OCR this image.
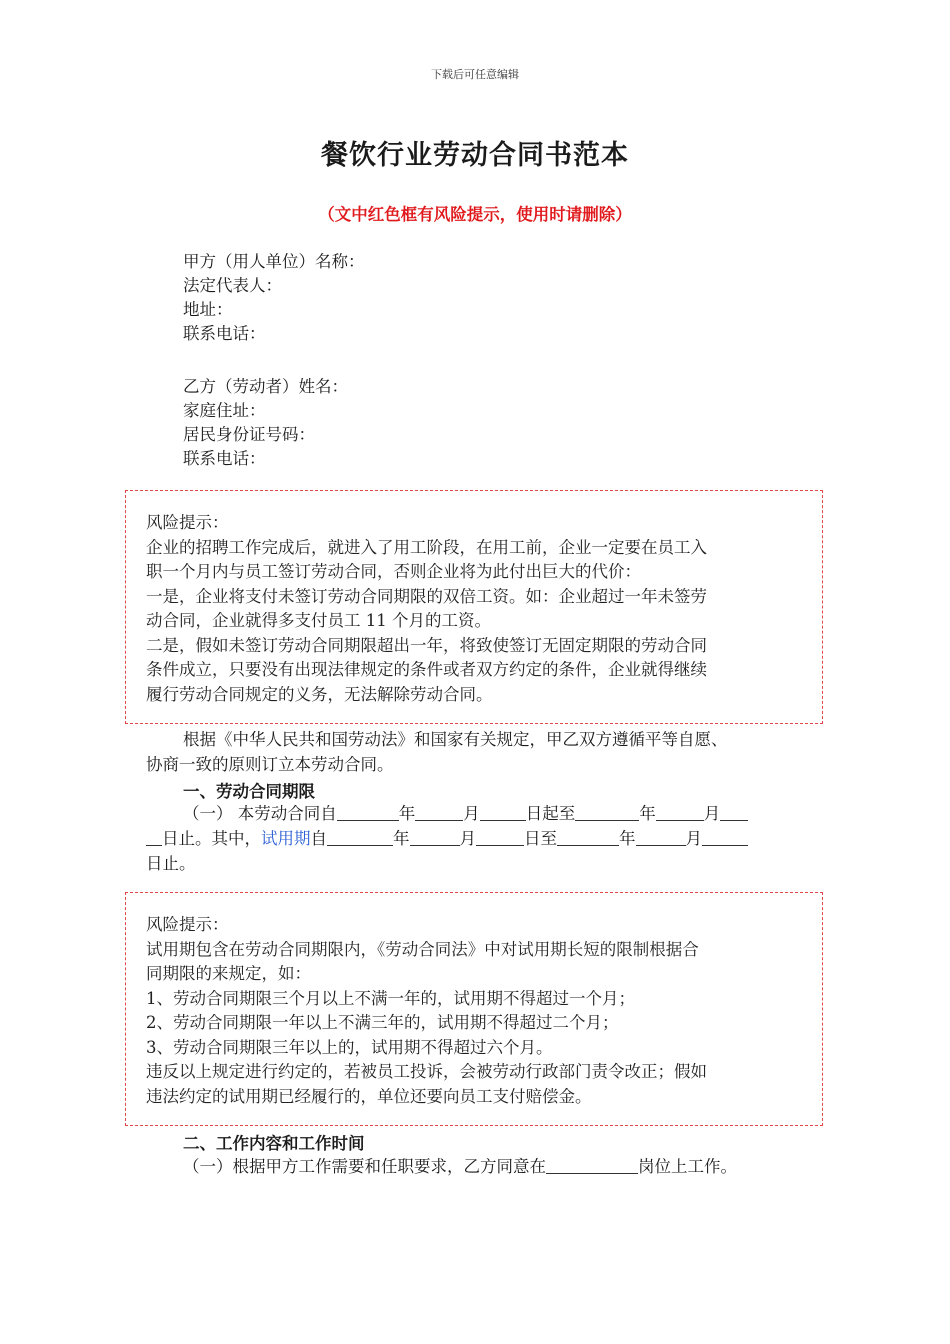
下载后可任意编辑
餐饮行业劳动合同书范本
（文中红色框有风险提示，使用时请删除）
甲方（用人单位）名称：
法定代表人：
地址：
联系电话：
乙方（劳动者）姓名：
家庭住址：
居民身份证号码：
联系电话：

风险提示：

企业的招聘工作完成后，就进入了用工阶段，在用工前，企业一定要在员工入

职一个月内与员工签订劳动合同，否则企业将为此付出巨大的代价：

一是，企业将支付未签订劳动合同期限的双倍工资。如：企业超过一年未签劳

动合同，企业就得多支付员工 11 个月的工资。

二是，假如未签订劳动合同期限超出一年，将致使签订无固定期限的劳动合同

条件成立，只要没有出现法律规定的条件或者双方约定的条件，企业就得继续

履行劳动合同规定的义务，无法解除劳动合同。

根据《中华人民共和国劳动法》和国家有关规定，甲乙双方遵循平等自愿、
协商一致的原则订立本劳动合同。
一、劳动合同期限
（一） 本劳动合同自	年	月	日起至	年	月
日止。其中，试用期自	年	月	日至	年	月
日止。

风险提示：

试用期包含在劳动合同期限内，《劳动合同法》中对试用期长短的限制根据合

同期限的来规定，如：

1、劳动合同期限三个月以上不满一年的，试用期不得超过一个月；

2、劳动合同期限一年以上不满三年的，试用期不得超过二个月；

3、劳动合同期限三年以上的，试用期不得超过六个月。

违反以上规定进行约定的，若被员工投诉，会被劳动行政部门责令改正；假如

违法约定的试用期已经履行的，单位还要向员工支付赔偿金。

二、工作内容和工作时间
（一）根据甲方工作需要和任职要求，乙方同意在	岗位上工作。
